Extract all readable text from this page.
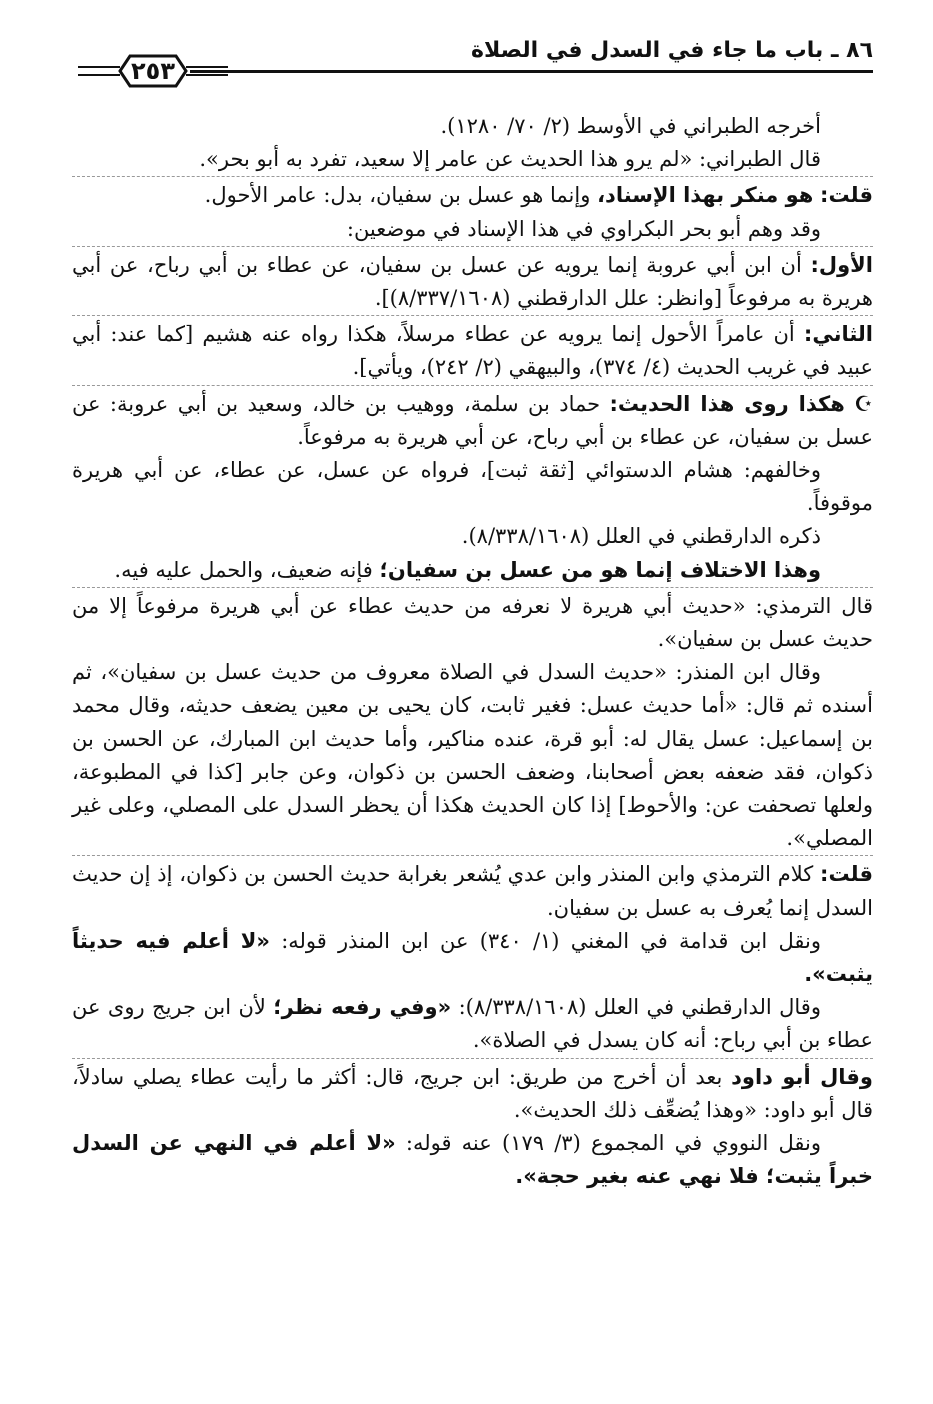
٨٦ ـ باب ما جاء في السدل في الصلاة
٢٥٣

أخرجه الطبراني في الأوسط (٢/ ٧٠/ ١٢٨٠).

قال الطبراني: «لم يرو هذا الحديث عن عامر إلا سعيد، تفرد به أبو بحر».

قلت: هو منكر بهذا الإسناد، وإنما هو عسل بن سفيان، بدل: عامر الأحول.

وقد وهم أبو بحر البكراوي في هذا الإسناد في موضعين:

الأول: أن ابن أبي عروبة إنما يرويه عن عسل بن سفيان، عن عطاء بن أبي رباح، عن أبي هريرة به مرفوعاً [وانظر: علل الدارقطني (٨/٣٣٧/١٦٠٨)].

الثاني: أن عامراً الأحول إنما يرويه عن عطاء مرسلاً، هكذا رواه عنه هشيم [كما عند: أبي عبيد في غريب الحديث (٤/ ٣٧٤)، والبيهقي (٢/ ٢٤٢)، ويأتي].

☪ هكذا روى هذا الحديث: حماد بن سلمة، ووهيب بن خالد، وسعيد بن أبي عروبة: عن عسل بن سفيان، عن عطاء بن أبي رباح، عن أبي هريرة به مرفوعاً.

وخالفهم: هشام الدستوائي [ثقة ثبت]، فرواه عن عسل، عن عطاء، عن أبي هريرة موقوفاً.

ذكره الدارقطني في العلل (٨/٣٣٨/١٦٠٨).

وهذا الاختلاف إنما هو من عسل بن سفيان؛ فإنه ضعيف، والحمل عليه فيه.

قال الترمذي: «حديث أبي هريرة لا نعرفه من حديث عطاء عن أبي هريرة مرفوعاً إلا من حديث عسل بن سفيان».

وقال ابن المنذر: «حديث السدل في الصلاة معروف من حديث عسل بن سفيان»، ثم أسنده ثم قال: «أما حديث عسل: فغير ثابت، كان يحيى بن معين يضعف حديثه، وقال محمد بن إسماعيل: عسل يقال له: أبو قرة، عنده مناكير، وأما حديث ابن المبارك، عن الحسن بن ذكوان، فقد ضعفه بعض أصحابنا، وضعف الحسن بن ذكوان، وعن جابر [كذا في المطبوعة، ولعلها تصحفت عن: والأحوط] إذا كان الحديث هكذا أن يحظر السدل على المصلي، وعلى غير المصلي».

قلت: كلام الترمذي وابن المنذر وابن عدي يُشعر بغرابة حديث الحسن بن ذكوان، إذ إن حديث السدل إنما يُعرف به عسل بن سفيان.

ونقل ابن قدامة في المغني (١/ ٣٤٠) عن ابن المنذر قوله: «لا أعلم فيه حديثاً يثبت».

وقال الدارقطني في العلل (٨/٣٣٨/١٦٠٨): «وفي رفعه نظر؛ لأن ابن جريج روى عن عطاء بن أبي رباح: أنه كان يسدل في الصلاة».

وقال أبو داود بعد أن أخرج من طريق: ابن جريج، قال: أكثر ما رأيت عطاء يصلي سادلاً، قال أبو داود: «وهذا يُضعِّف ذلك الحديث».

ونقل النووي في المجموع (٣/ ١٧٩) عنه قوله: «لا أعلم في النهي عن السدل خبراً يثبت؛ فلا نهي عنه بغير حجة».
